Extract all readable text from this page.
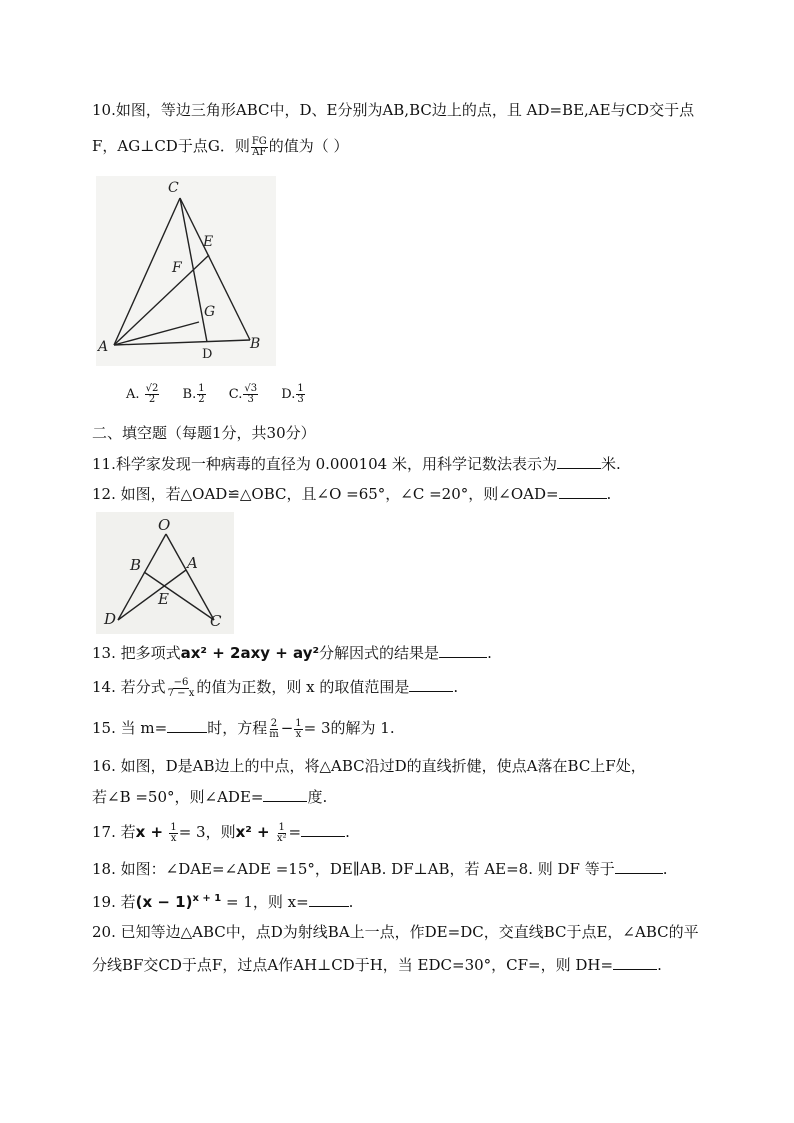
10.如图，等边三角形ABC中，D、E分别为AB,BC边上的点，且 AD=BE,AE与CD交于点
F，AG⊥CD于点G．则 $\frac{FG}{AF}$ 的值为（ ）
C
E
F
G
A	D
B
A. $\frac{√2}{2} B$. $\frac{1}{2} C$. $\frac{√3}{3} D$. $\frac{1}{3}$
二、填空题（每题1分，共30分）
11.科学家发现一种病毒的直径为 0.000104 米，用科学记数法表示为	米.
12. 如图，若△OAD≌△OBC，且∠O =65°，∠C =20°，则∠OAD=	.
O
B	A
E
D	C
13. 把多项式ax² + 2axy + ay²分解因式的结果是	.
14. 若分式 $\frac{-6}{7 - x}$ 的值为正数，则 x 的取值范围是	.
15. 当 m=	时，方程 $\frac{2}{m} - \frac{1}{x} = 3$的解为 1.
16. 如图，D是AB边上的中点，将△ABC沿过D的直线折健，使点A落在BC上F处，
若∠B =50°，则∠ADE=	度.
17. 若$x + \frac{1}{x} = 3$，则$x^2 + \frac{1}{\text{x²}}$ =	.
18. 如图：∠DAE=∠ADE =15°，DE∥AB. DF⊥AB，若 AE=8. 则 DF 等于	.
19. 若$(x - 1)^{x + 1} = 1$，则 x=	.
20. 已知等边△ABC中，点D为射线BA上一点，作DE=DC，交直线BC于点E，∠ABC的平
分线BF交CD于点F，过点A作AH⊥CD于H，当 EDC=30°，CF=，则 DH=	.
